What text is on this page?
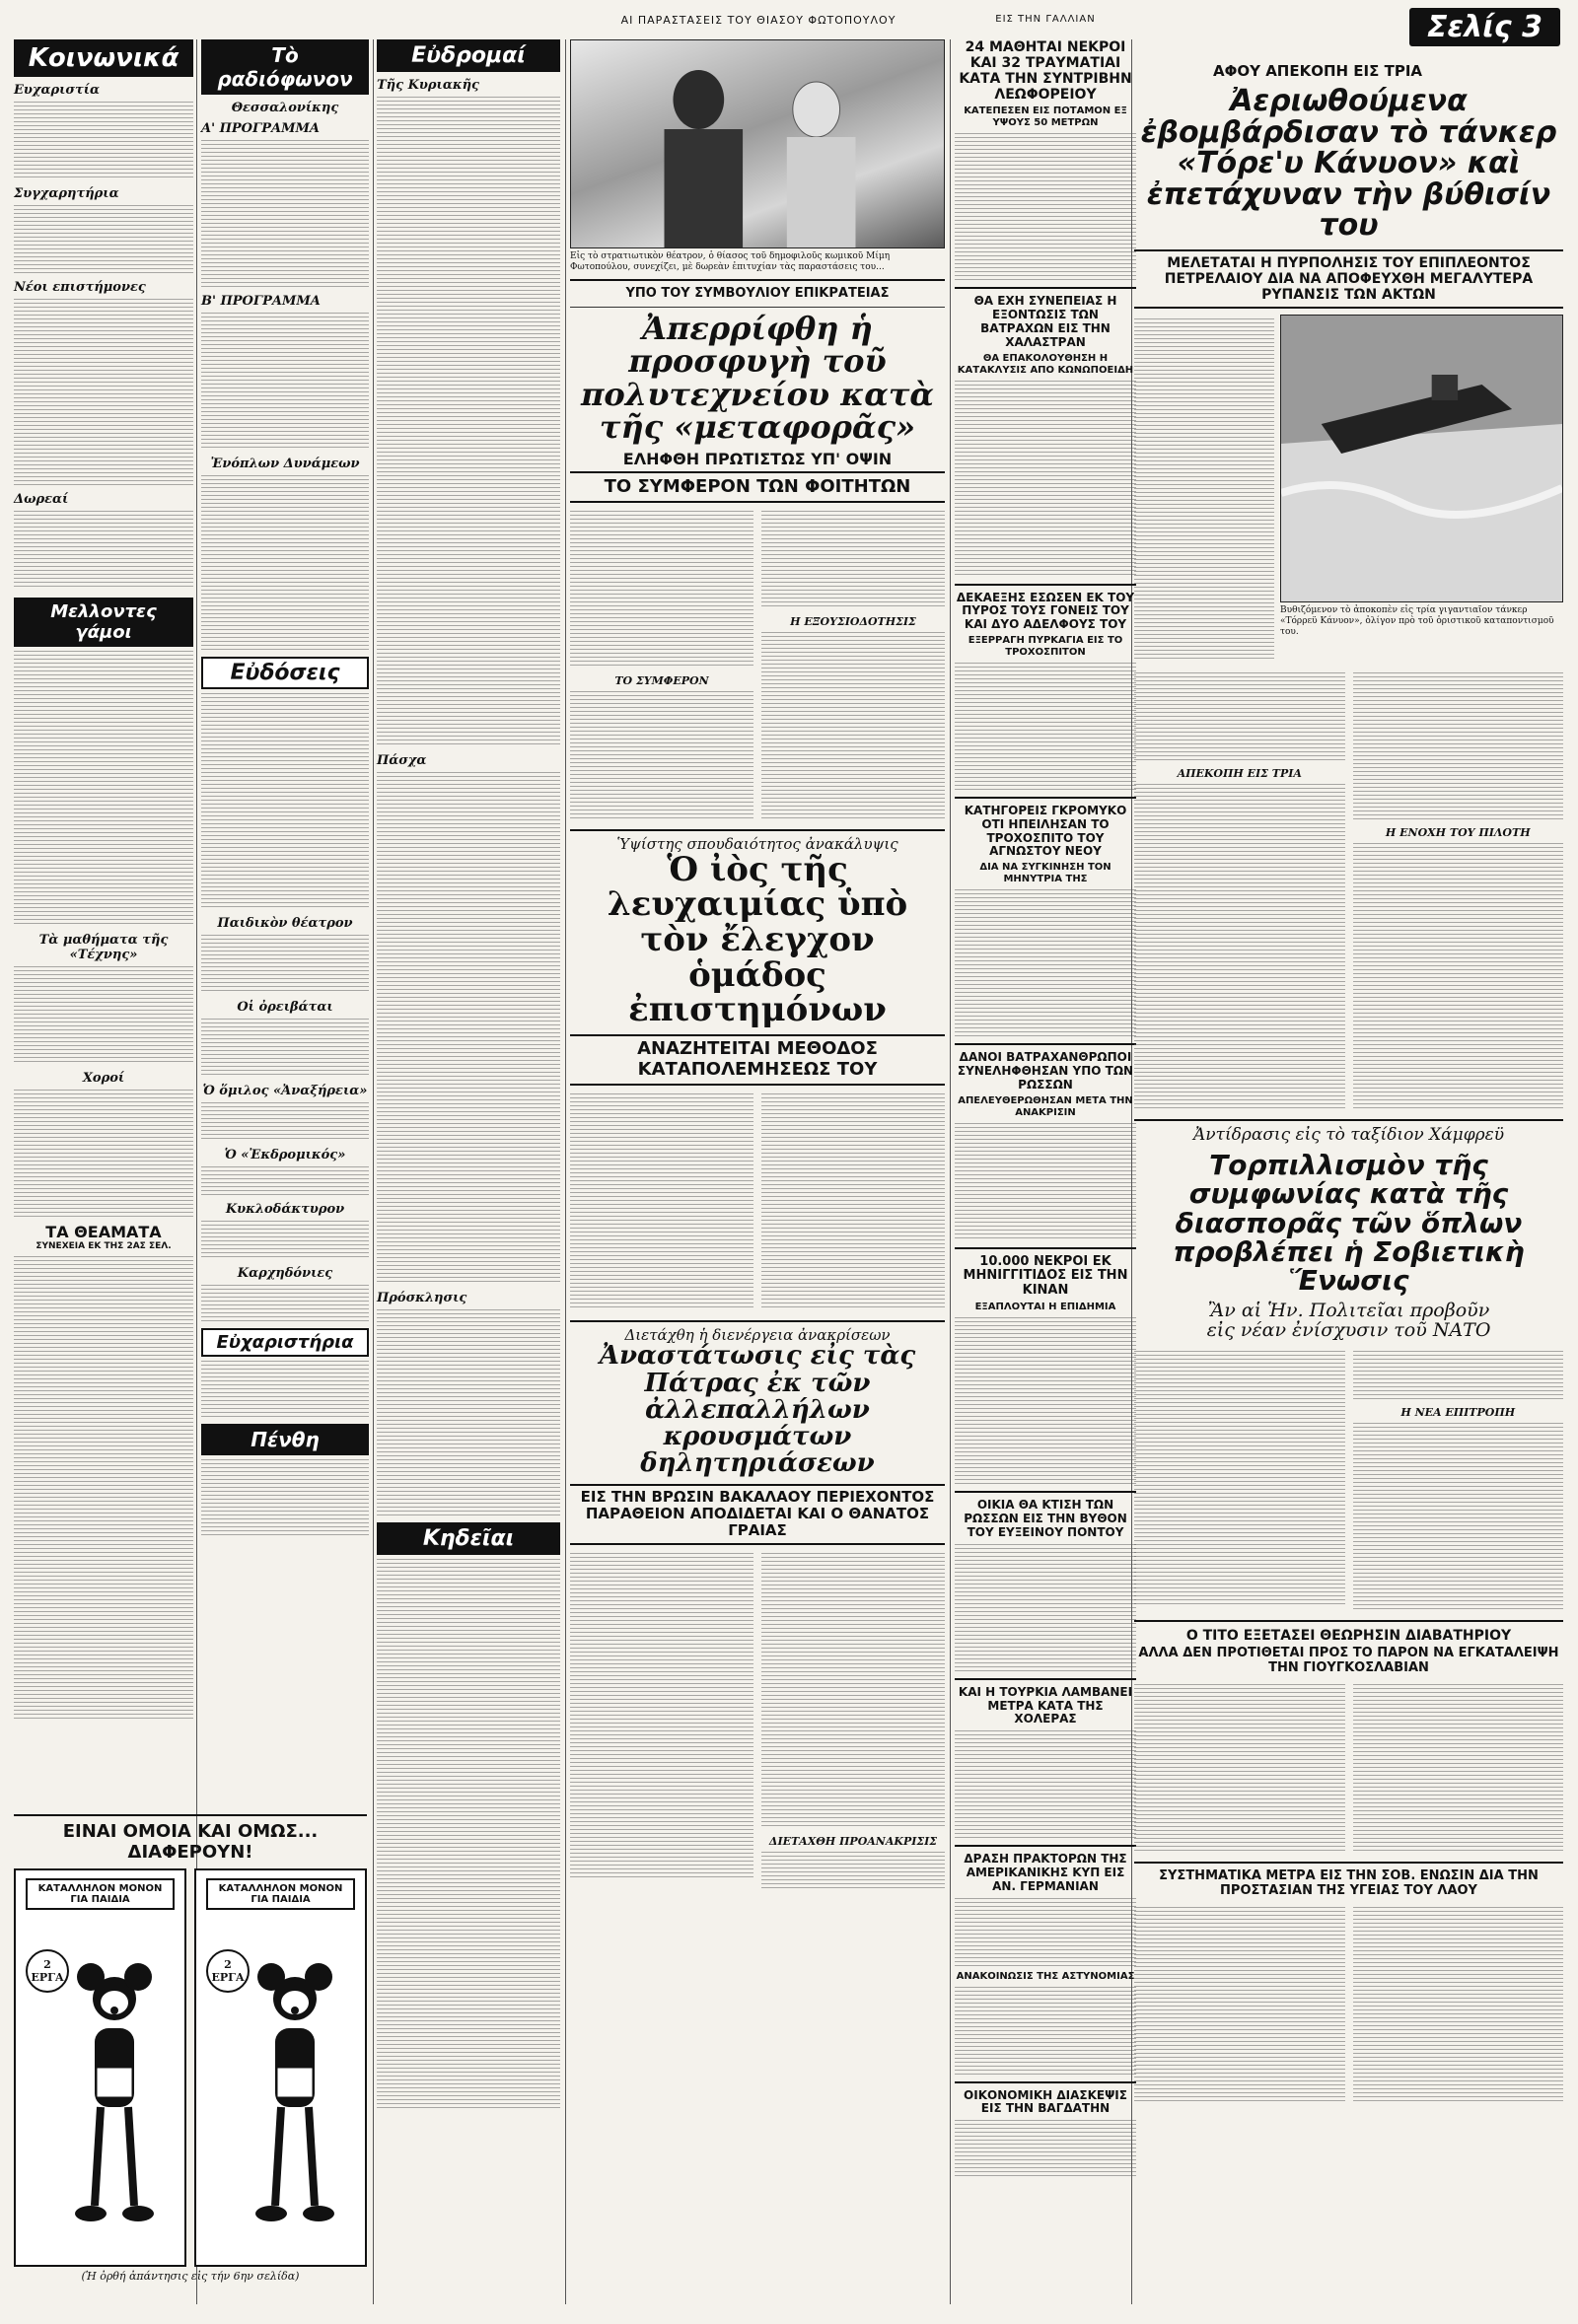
ΑΙ ΠΑΡΑΣΤΑΣΕΙΣ ΤΟΥ ΘΙΑΣΟΥ ΦΩΤΟΠΟΥΛΟΥ	ΕΙΣ ΤΗΝ ΓΑΛΛΙΑΝ	Σελίς 3
Κοινωνικά
Ευχαριστία
Συγχαρητήρια
Νέοι επιστήμονες
Δωρεαί
Μελλοντες γάμοι
Τὰ μαθήματα τῆς «Τέχνης»
Χοροί
ΤΑ ΘΕΑΜΑΤΑ
ΣΥΝΕΧΕΙΑ ΕΚ ΤΗΣ 2ΑΣ ΣΕΛ.
ΕΙΝΑΙ ΟΜΟΙΑ ΚΑΙ ΟΜΩΣ... ΔΙΑΦΕΡΟΥΝ!
ΚΑΤΑΛΛΗΛΟΝ ΜΟΝΟΝ ΓΙΑ ΠΑΙΔΙΑ
2 ΕΡΓΑ
ΚΑΤΑΛΛΗΛΟΝ ΜΟΝΟΝ ΓΙΑ ΠΑΙΔΙΑ
2 ΕΡΓΑ
(Ἡ ὀρθή ἀπάντησις εἰς τήν 6ην σελίδα)
Τὸ ραδιόφωνον
Θεσσαλονίκης
Α' ΠΡΟΓΡΑΜΜΑ
Β' ΠΡΟΓΡΑΜΜΑ
Ἐνόπλων Δυνάμεων
Εὐδόσεις
Παιδικὸν θέατρον
Οἱ ὀρειβάται
Ὁ ὅμιλος «Ἀναξήρεια»
Ὁ «Ἐκδρομικός»
Κυκλοδάκτυρον
Καρχηδόνιες
Εὐχαριστήρια
Πένθη
Εὐδρομαί
Τῆς Κυριακῆς
Πάσχα
Πρόσκλησις
Κηδεῖαι
Εἰς τὸ στρατιωτικὸν θέατρον, ὁ θίασος τοῦ δημοφιλοῦς κωμικοῦ Μίμη Φωτοπούλου, συνεχίζει, μὲ δωρεὰν ἐπιτυχίαν τὰς παραστάσεις του...
ΥΠΟ ΤΟΥ ΣΥΜΒΟΥΛΙΟΥ ΕΠΙΚΡΑΤΕΙΑΣ
Ἀπερρίφθη ἡ προσφυγὴ τοῦ πολυτεχνείου κατὰ τῆς «μεταφορᾶς»
ΕΛΗΦΘΗ ΠΡΩΤΙΣΤΩΣ ΥΠ' ΟΨΙΝ
ΤΟ ΣΥΜΦΕΡΟΝ ΤΩΝ ΦΟΙΤΗΤΩΝ
ΤΟ ΣΥΜΦΕΡΟΝ
Η ΕΞΟΥΣΙΟΔΟΤΗΣΙΣ
Ὑψίστης σπουδαιότητος ἀνακάλυψις
Ὁ ἰὸς τῆς λευχαιμίας ὑπὸ τὸν ἔλεγχον ὁμάδος ἐπιστημόνων
ΑΝΑΖΗΤΕΙΤΑΙ ΜΕΘΟΔΟΣ
ΚΑΤΑΠΟΛΕΜΗΣΕΩΣ ΤΟΥ
Διετάχθη ἡ διενέργεια ἀνακρίσεων
Ἀναστάτωσις εἰς τὰς Πάτρας ἐκ τῶν ἀλλεπαλλήλων κρουσμάτων δηλητηριάσεων
ΕΙΣ ΤΗΝ ΒΡΩΣΙΝ ΒΑΚΑΛΑΟΥ ΠΕΡΙΕΧΟΝΤΟΣ ΠΑΡΑΘΕΙΟΝ ΑΠΟΔΙΔΕΤΑΙ ΚΑΙ Ο ΘΑΝΑΤΟΣ ΓΡΑΙΑΣ
ΔΙΕΤΑΧΘΗ ΠΡΟΑΝΑΚΡΙΣΙΣ
24 ΜΑΘΗΤΑΙ ΝΕΚΡΟΙ ΚΑΙ 32 ΤΡΑΥΜΑΤΙΑΙ ΚΑΤΑ ΤΗΝ ΣΥΝΤΡΙΒΗΝ ΛΕΩΦΟΡΕΙΟΥ
ΚΑΤΕΠΕΣΕΝ ΕΙΣ ΠΟΤΑΜΟΝ ΕΞ ΥΨΟΥΣ 50 ΜΕΤΡΩΝ
ΘΑ ΕΧΗ ΣΥΝΕΠΕΙΑΣ Η ΕΞΟΝΤΩΣΙΣ ΤΩΝ ΒΑΤΡΑΧΩΝ ΕΙΣ ΤΗΝ ΧΑΛΑΣΤΡΑΝ
ΘΑ ΕΠΑΚΟΛΟΥΘΗΣΗ Η ΚΑΤΑΚΛΥΣΙΣ ΑΠΟ ΚΩΝΩΠΟΕΙΔΗ
ΔΕΚΑΕΞΗΣ ΕΣΩΣΕΝ ΕΚ ΤΟΥ ΠΥΡΟΣ ΤΟΥΣ ΓΟΝΕΙΣ ΤΟΥ ΚΑΙ ΔΥΟ ΑΔΕΛΦΟΥΣ ΤΟΥ
ΕΞΕΡΡΑΓΗ ΠΥΡΚΑΓΙΑ ΕΙΣ ΤΟ ΤΡΟΧΟΣΠΙΤΟΝ
ΚΑΤΗΓΟΡΕΙΣ ΓΚΡΟΜΥΚΟ ΟΤΙ ΗΠΕΙΛΗΣΑΝ ΤΟ ΤΡΟΧΟΣΠΙΤΟ ΤΟΥ ΑΓΝΩΣΤΟΥ ΝΕΟΥ
ΔΙΑ ΝΑ ΣΥΓΚΙΝΗΣΗ ΤΟΝ ΜΗΝΥΤΡΙΑ ΤΗΣ
ΔΑΝΟΙ ΒΑΤΡΑΧΑΝΘΡΩΠΟΙ ΣΥΝΕΛΗΦΘΗΣΑΝ ΥΠΟ ΤΩΝ ΡΩΣΣΩΝ
ΑΠΕΛΕΥΘΕΡΩΘΗΣΑΝ ΜΕΤΑ ΤΗΝ ΑΝΑΚΡΙΣΙΝ
10.000 ΝΕΚΡΟΙ ΕΚ ΜΗΝΙΓΓΙΤΙΔΟΣ ΕΙΣ ΤΗΝ ΚΙΝΑΝ
ΕΞΑΠΛΟΥΤΑΙ Η ΕΠΙΔΗΜΙΑ
ΟΙΚΙΑ ΘΑ ΚΤΙΣΗ ΤΩΝ ΡΩΣΣΩΝ ΕΙΣ ΤΗΝ ΒΥΘΟΝ ΤΟΥ ΕΥΞΕΙΝΟΥ ΠΟΝΤΟΥ
ΚΑΙ Η ΤΟΥΡΚΙΑ ΛΑΜΒΑΝΕΙ ΜΕΤΡΑ ΚΑΤΑ ΤΗΣ ΧΟΛΕΡΑΣ
ΔΡΑΣΗ ΠΡΑΚΤΟΡΩΝ ΤΗΣ ΑΜΕΡΙΚΑΝΙΚΗΣ ΚΥΠ ΕΙΣ ΑΝ. ΓΕΡΜΑΝΙΑΝ
ΑΝΑΚΟΙΝΩΣΙΣ ΤΗΣ ΑΣΤΥΝΟΜΙΑΣ
ΟΙΚΟΝΟΜΙΚΗ ΔΙΑΣΚΕΨΙΣ ΕΙΣ ΤΗΝ ΒΑΓΔΑΤΗΝ
ΑΦΟΥ ΑΠΕΚΟΠΗ ΕΙΣ ΤΡΙΑ
Ἀεριωθούμενα ἐβομβάρδισαν τὸ τάνκερ «Τόρε'υ Κάνυον» καὶ ἐπετάχυναν τὴν βύθισίν του
ΜΕΛΕΤΑΤΑΙ Η ΠΥΡΠΟΛΗΣΙΣ ΤΟΥ ΕΠΙΠΛΕΟΝΤΟΣ ΠΕΤΡΕΛΑΙΟΥ ΔΙΑ ΝΑ ΑΠΟΦΕΥΧΘΗ ΜΕΓΑΛΥΤΕΡΑ ΡΥΠΑΝΣΙΣ ΤΩΝ ΑΚΤΩΝ
Βυθιζόμενον τὸ ἀποκοπὲν εἰς τρία γιγαντιαῖον τάνκερ «Τόρρεϋ Κάνυον», ὀλίγον πρὸ τοῦ ὁριστικοῦ καταποντισμοῦ του.
ΑΠΕΚΟΠΗ ΕΙΣ ΤΡΙΑ
Η ΕΝΟΧΗ ΤΟΥ ΠΙΛΟΤΗ
Ἀντίδρασις εἰς τὸ ταξίδιον Χάμφρεϋ
Τορπιλλισμὸν τῆς συμφωνίας κατὰ τῆς διασπορᾶς τῶν ὅπλων προβλέπει ἡ Σοβιετικὴ Ἕνωσις
Ἂν αἱ Ἡν. Πολιτεῖαι προβοῦν
εἰς νέαν ἐνίσχυσιν τοῦ ΝΑΤΟ
Η ΝΕΑ ΕΠΙΤΡΟΠΗ
Ο ΤΙΤΟ ΕΞΕΤΑΣΕΙ ΘΕΩΡΗΣΙΝ ΔΙΑΒΑΤΗΡΙΟΥ
ΑΛΛΑ ΔΕΝ ΠΡΟΤΙΘΕΤΑΙ ΠΡΟΣ ΤΟ ΠΑΡΟΝ ΝΑ ΕΓΚΑΤΑΛΕΙΨΗ ΤΗΝ ΓΙΟΥΓΚΟΣΛΑΒΙΑΝ
ΣΥΣΤΗΜΑΤΙΚΑ ΜΕΤΡΑ ΕΙΣ ΤΗΝ ΣΟΒ. ΕΝΩΣΙΝ ΔΙΑ ΤΗΝ ΠΡΟΣΤΑΣΙΑΝ ΤΗΣ ΥΓΕΙΑΣ ΤΟΥ ΛΑΟΥ
